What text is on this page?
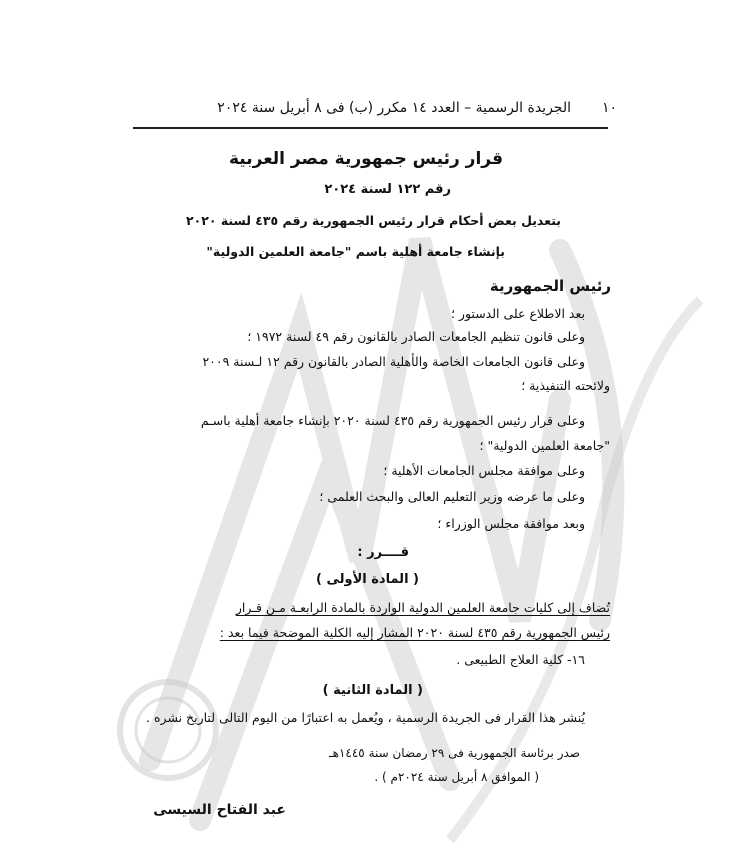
١٠
الجريدة الرسمية – العدد ١٤ مكرر (ب) فى ٨ أبريل سنة ٢٠٢٤
قرار رئيس جمهورية مصر العربية
رقم ١٢٢ لسنة ٢٠٢٤
بتعديل بعض أحكام قرار رئيس الجمهورية رقم ٤٣٥ لسنة ٢٠٢٠
بإنشاء جامعة أهلية باسم "جامعة العلمين الدولية"
رئيس الجمهورية
بعد الاطلاع على الدستور ؛
وعلى قانون تنظيم الجامعات الصادر بالقانون رقم ٤٩ لسنة ١٩٧٢ ؛
وعلى قانون الجامعات الخاصة والأهلية الصادر بالقانون رقم ١٢ لـسنة ٢٠٠٩
ولائحته التنفيذية ؛
وعلى قرار رئيس الجمهورية رقم ٤٣٥ لسنة ٢٠٢٠ بإنشاء جامعة أهلية باسـم
"جامعة العلمين الدولية" ؛
وعلى موافقة مجلس الجامعات الأهلية ؛
وعلى ما عرضه وزير التعليم العالى والبحث العلمى ؛
وبعد موافقة مجلس الوزراء ؛
قــــرر :
( المادة الأولى )
تُضاف إلى كليات جامعة العلمين الدولية الواردة بالمادة الرابعـة مـن قـرار
رئيس الجمهورية رقم ٤٣٥ لسنة ٢٠٢٠ المشار إليه الكلية الموضحة فيما بعد :
١٦- كلية العلاج الطبيعى .
( المادة الثانية )
يُنشر هذا القرار فى الجريدة الرسمية ، ويُعمل به اعتبارًا من اليوم التالى لتاريخ نشره .
صدر برئاسة الجمهورية فى ٢٩ رمضان سنة ١٤٤٥هـ
( الموافق ٨ أبريل سنة ٢٠٢٤م ) .
عبد الفتاح السيسى
